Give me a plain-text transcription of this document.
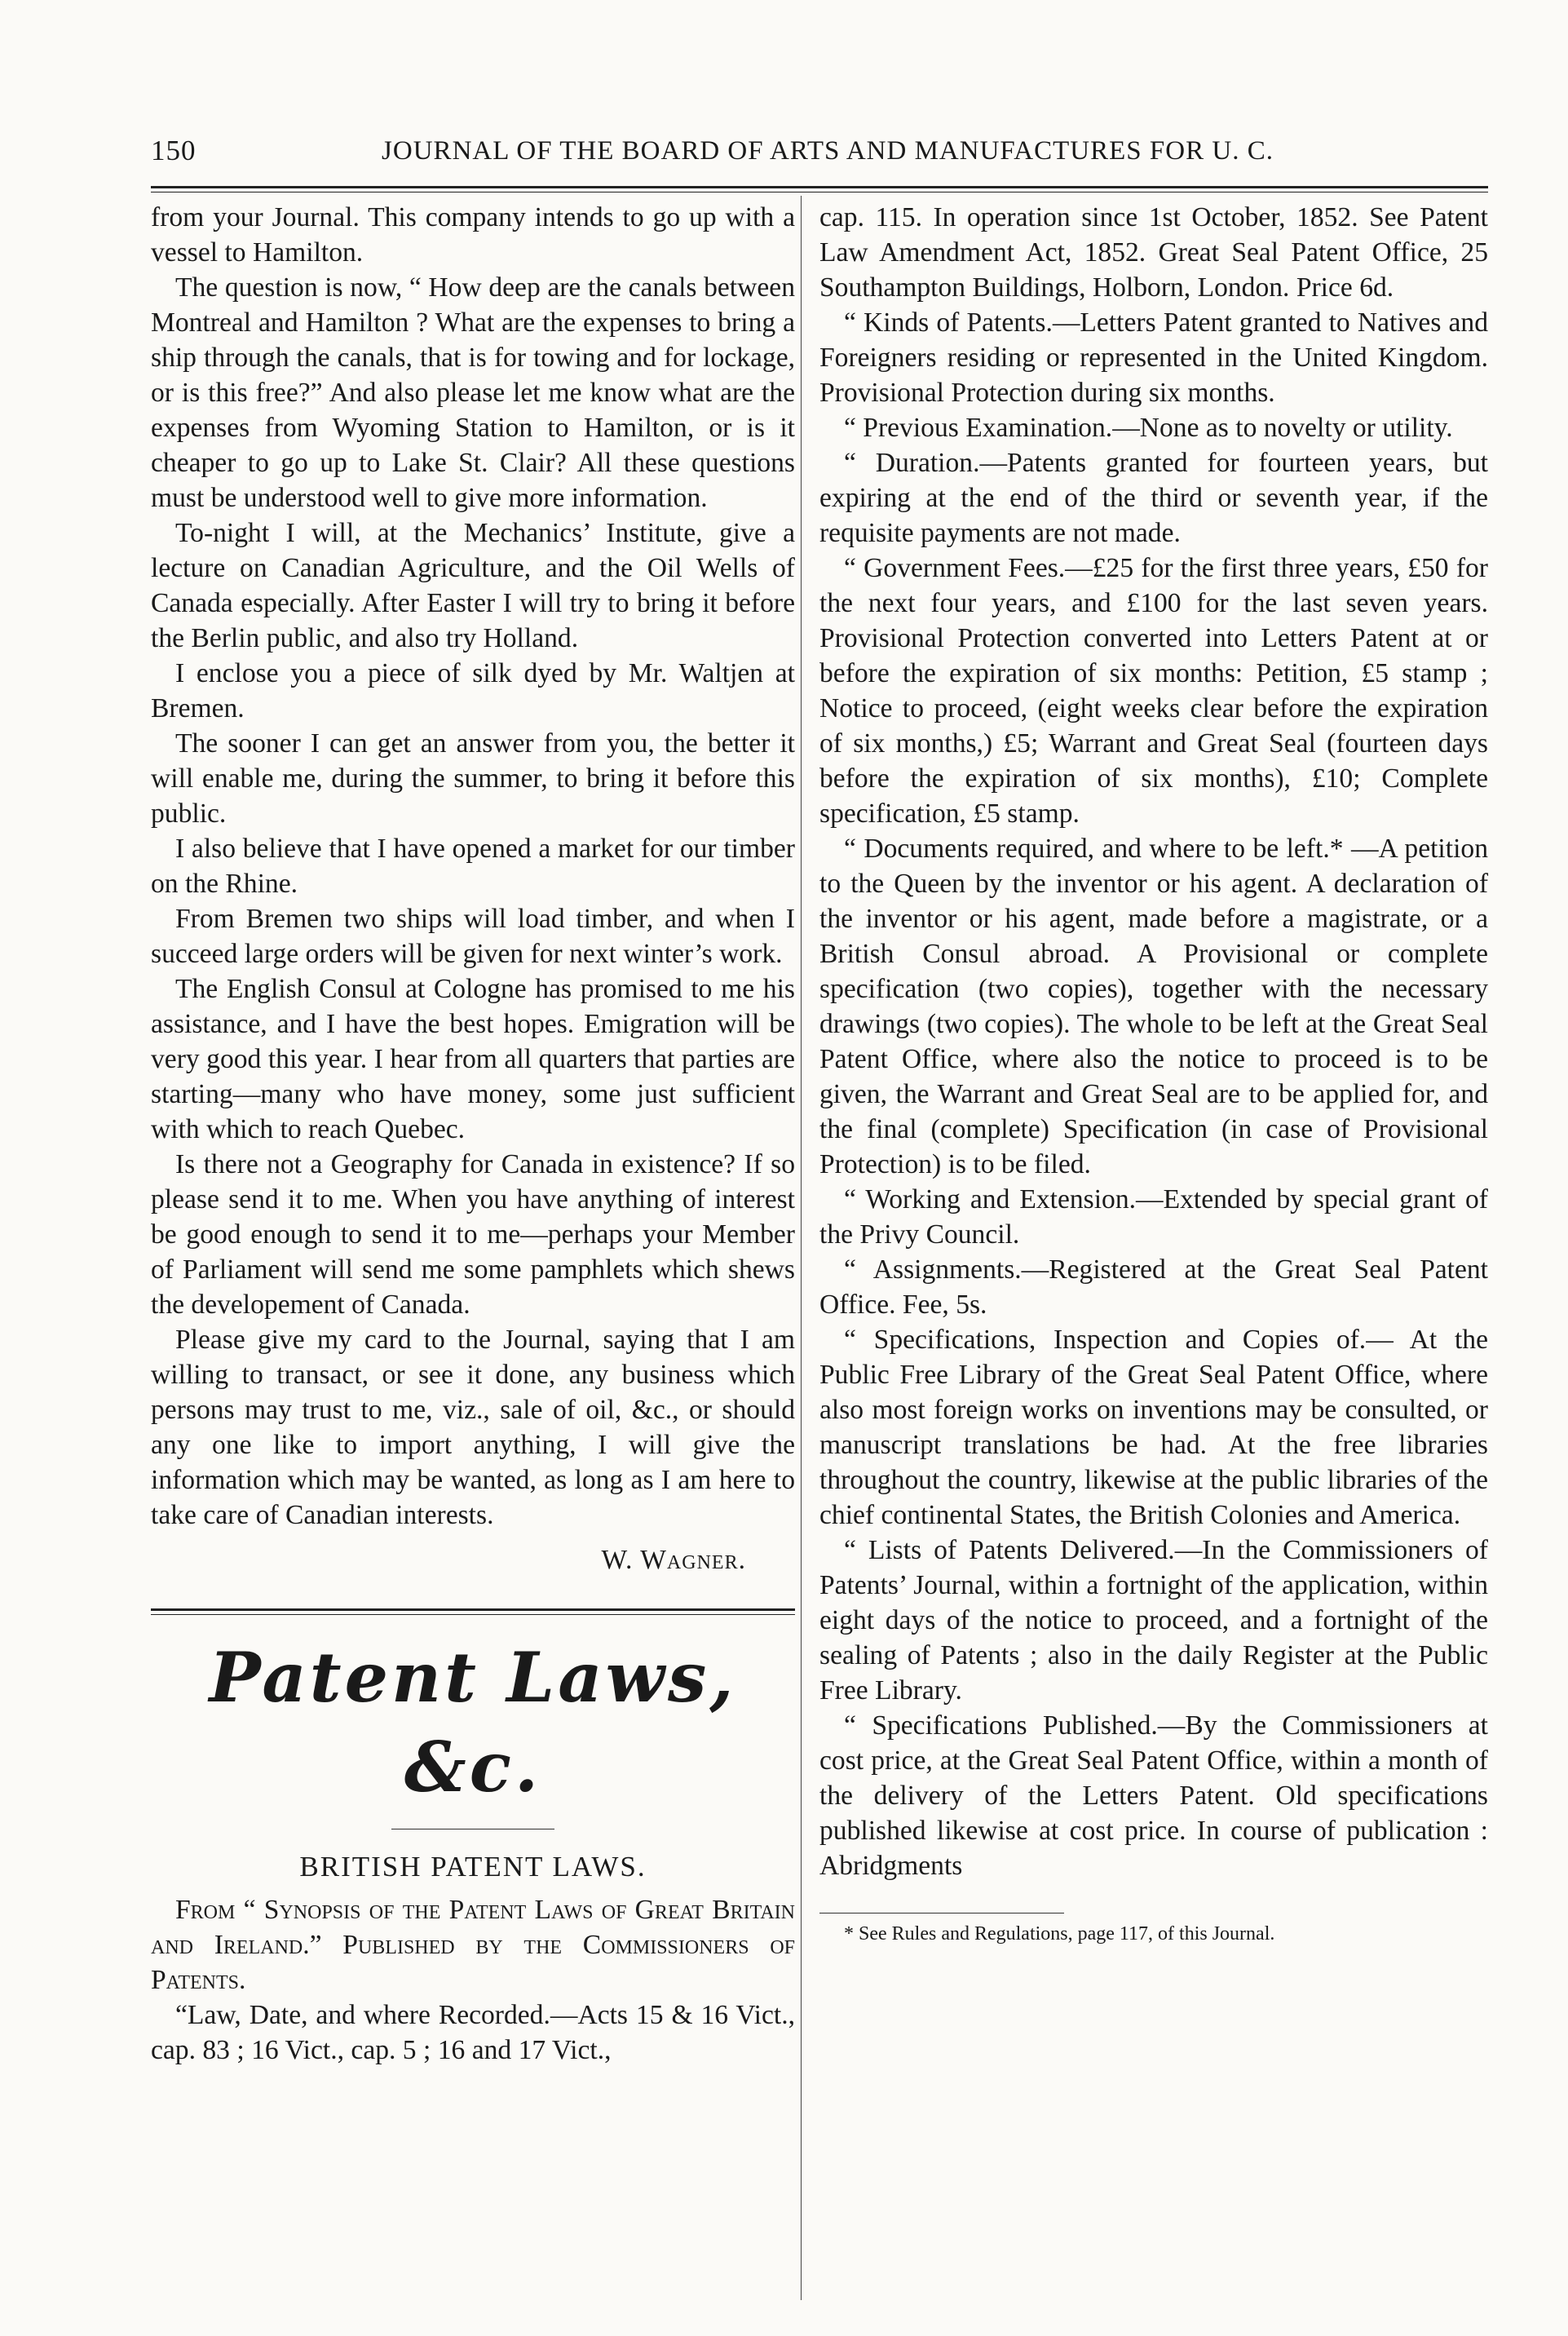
150	JOURNAL OF THE BOARD OF ARTS AND MANUFACTURES FOR U. C.

from your Journal. This company intends to go up with a vessel to Hamilton.

The question is now, “ How deep are the canals between Montreal and Hamilton ? What are the expenses to bring a ship through the canals, that is for towing and for lockage, or is this free?” And also please let me know what are the expenses from Wyoming Station to Hamilton, or is it cheaper to go up to Lake St. Clair? All these questions must be understood well to give more information.

To-night I will, at the Mechanics’ Institute, give a lecture on Canadian Agriculture, and the Oil Wells of Canada especially. After Easter I will try to bring it before the Berlin public, and also try Holland.

I enclose you a piece of silk dyed by Mr. Waltjen at Bremen.

The sooner I can get an answer from you, the better it will enable me, during the summer, to bring it before this public.

I also believe that I have opened a market for our timber on the Rhine.

From Bremen two ships will load timber, and when I succeed large orders will be given for next winter’s work.

The English Consul at Cologne has promised to me his assistance, and I have the best hopes. Emigration will be very good this year. I hear from all quarters that parties are starting—many who have money, some just sufficient with which to reach Quebec.

Is there not a Geography for Canada in existence? If so please send it to me. When you have anything of interest be good enough to send it to me—perhaps your Member of Parliament will send me some pamphlets which shews the developement of Canada.

Please give my card to the Journal, saying that I am willing to transact, or see it done, any business which persons may trust to me, viz., sale of oil, &c., or should any one like to import anything, I will give the information which may be wanted, as long as I am here to take care of Canadian interests.

W. Wagner.

Patent Laws, &c.
BRITISH PATENT LAWS.

From “ Synopsis of the Patent Laws of Great Britain and Ireland.” Published by the Commissioners of Patents.

“Law, Date, and where Recorded.—Acts 15 & 16 Vict., cap. 83 ; 16 Vict., cap. 5 ; 16 and 17 Vict.,

cap. 115. In operation since 1st October, 1852. See Patent Law Amendment Act, 1852. Great Seal Patent Office, 25 Southampton Buildings, Holborn, London. Price 6d.

“ Kinds of Patents.—Letters Patent granted to Natives and Foreigners residing or represented in the United Kingdom. Provisional Protection during six months.

“ Previous Examination.—None as to novelty or utility.

“ Duration.—Patents granted for fourteen years, but expiring at the end of the third or seventh year, if the requisite payments are not made.

“ Government Fees.—£25 for the first three years, £50 for the next four years, and £100 for the last seven years. Provisional Protection converted into Letters Patent at or before the expiration of six months: Petition, £5 stamp ; Notice to proceed, (eight weeks clear before the expiration of six months,) £5; Warrant and Great Seal (fourteen days before the expiration of six months), £10; Complete specification, £5 stamp.

“ Documents required, and where to be left.* —A petition to the Queen by the inventor or his agent. A declaration of the inventor or his agent, made before a magistrate, or a British Consul abroad. A Provisional or complete specification (two copies), together with the necessary drawings (two copies). The whole to be left at the Great Seal Patent Office, where also the notice to proceed is to be given, the Warrant and Great Seal are to be applied for, and the final (complete) Specification (in case of Provisional Protection) is to be filed.

“ Working and Extension.—Extended by special grant of the Privy Council.

“ Assignments.—Registered at the Great Seal Patent Office. Fee, 5s.

“ Specifications, Inspection and Copies of.— At the Public Free Library of the Great Seal Patent Office, where also most foreign works on inventions may be consulted, or manuscript translations be had. At the free libraries throughout the country, likewise at the public libraries of the chief continental States, the British Colonies and America.

“ Lists of Patents Delivered.—In the Commissioners of Patents’ Journal, within a fortnight of the application, within eight days of the notice to proceed, and a fortnight of the sealing of Patents ; also in the daily Register at the Public Free Library.

“ Specifications Published.—By the Commissioners at cost price, at the Great Seal Patent Office, within a month of the delivery of the Letters Patent. Old specifications published likewise at cost price. In course of publication : Abridgments

* See Rules and Regulations, page 117, of this Journal.
